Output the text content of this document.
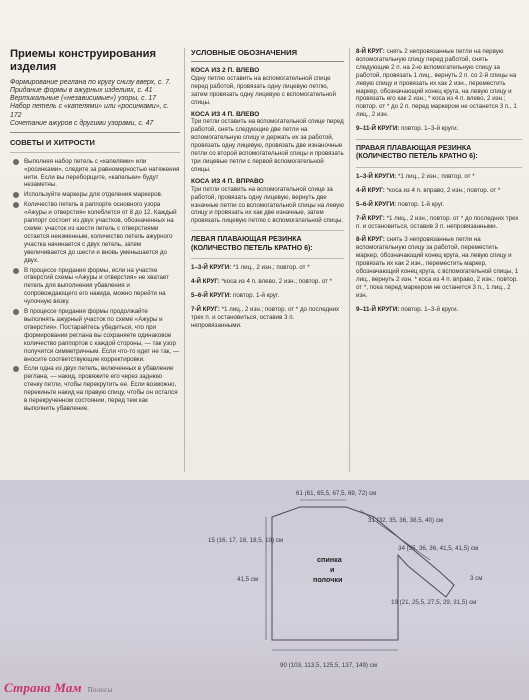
Приемы конструирования изделия

Формирование реглана по кругу снизу вверх, с. 7.

Придание формы в ажурных изделиях, с. 41

Вертикальные («независимые») узоры, с. 17

Набор петель с «капелями» или «росинками», с. 172

Сочетание ажуров с другими узорами, с. 47

СОВЕТЫ И ХИТРОСТИ

Выполняя набор петель с «капелями» или «росинками», следите за равномерностью натяжения нити. Если вы переборщите, «капельки» будут незаметны.
Используйте маркеры для отделения маркеров.
Количество петель в раппорте основного узора «Ажуры и отверстия» колеблется от 8 до 12. Каждый раппорт состоит из двух участков, обозначенных на схеме: участок из шести петель с отверстиями остается неизменным, количество петель ажурного участка начинается с двух петель, затем увеличивается до шести и вновь уменьшается до двух.
В процессе придания формы, если на участке отверстий схемы «Ажуры и отверстия» не хватает петель для выполнения убавления и сопровождающего его накида, можно перейти на чулочную вязку.
В процессе придания формы продолжайте выполнять ажурный участок по схеме «Ажуры и отверстия». Постарайтесь убедиться, что при формировании реглана вы сохраняете одинаковое количество раппортов с каждой стороны, — так узор получится симметричным. Если что-то идет не так, — вносите соответствующие корректировки.
Если одна из двух петель, включенных в убавление реглана, — накид, провяжите его через заднюю стенку петли, чтобы перекрутить ее. Если возможно, перекиньте накид на правую спицу, чтобы он остался в перекрученном состоянии, перед тем как выполнить убавление.

УСЛОВНЫЕ ОБОЗНАЧЕНИЯ

КОСА ИЗ 2 П. ВЛЕВО

Одну петлю оставить на вспомогательной спице перед работой, провязать одну лицевую петлю, затем провязать одну лицевую с вспомогательной спицы.

КОСА ИЗ 4 П. ВЛЕВО

Три петли оставить на вспомогательной спице перед работой, снять следующие две петли на вспомогательную спицу и держать их за работой, провязать одну лицевую, провязать две изнаночные петли со второй вспомогательной спицы и провязать три лицевые петли с первой вспомогательной спицы.

КОСА ИЗ 4 П. ВПРАВО

Три петли оставить на вспомогательной спице за работой, провязать одну лицевую, вернуть две изначные петли со вспомогательной спицы на левую спицу и провязать их как две изначные, затем провязать лицевую петлю с вспомогательной спицы.

ЛЕВАЯ ПЛАВАЮЩАЯ РЕЗИНКА (КОЛИЧЕСТВО ПЕТЕЛЬ КРАТНО 6):

1–3-Й КРУГИ: *1 лиц., 2 изн.; повтор. от *

4-Й КРУГ: *коса из 4 п. влево, 2 изн.; повтор. от *

5–6-Й КРУГИ: повтор. 1-й круг.

7-Й КРУГ: *1 лиц., 2 изн.; повтор. от * до последних трех п. и остановиться, оставив 3 п. непровязанными.

8-Й КРУГ: снять 2 непровязанные петли на первую вспомогательную спицу перед работой, снять следующие 2 п. на 2-ю вспомогательную спицу за работой, провязать 1 лиц., вернуть 2 п. со 2-й спицы на левую спицу и провязать их как 2 изн., переместить маркер, обозначающий конец круга, на левую спицу и провязать его как 2 изн.; * коса из 4 п. влево, 2 изн.; повтор. от * до 2 п. перед маркером не останется 3 п., 1 лиц., 2 изн.

9–11-Й КРУГИ: повтор. 1–3-й круги.

ПРАВАЯ ПЛАВАЮЩАЯ РЕЗИНКА (КОЛИЧЕСТВО ПЕТЕЛЬ КРАТНО 6):

1–3-Й КРУГИ: *1 лиц., 2 изн.; повтор. от *

4-Й КРУГ: *коса из 4 п. вправо, 2 изн.; повтор. от *

5–6-Й КРУГИ: повтор. 1-й круг.

7-Й КРУГ: *1 лиц., 2 изн.; повтор. от * до последних трех п. и остановиться, оставив 3 п. непровязанными.

8-Й КРУГ: снять 3 непровязанные петли на вспомогательную спицу за работой, переместить маркер, обозначающий конец круга, на левую спицу и провязать их как 2 изн., переместить маркер, обозначающий конец круга, с вспомогательной спицы, 1 лиц., вернуть 2 изн. * коса из 4 п. вправо, 2 изн.; повтор. от *, пока перед маркером не останется 3 п., 1 лиц., 2 изн.

9–11-Й КРУГИ: повтор. 1–3-й круги.

61 (61, 65,5, 67,5, 69, 72) см
31 (32, 35, 36, 38,5, 40) см
15 (16, 17, 18, 18,5, 19) см
34 (35, 36, 36, 41,5, 41,5) см
41,5 см
19 (21, 25,5, 27,5, 29, 31,5) см
90 (103, 113,5, 125,5, 137, 149) см
3 см
спинка
и
полочки
Страна Мам Полосы
